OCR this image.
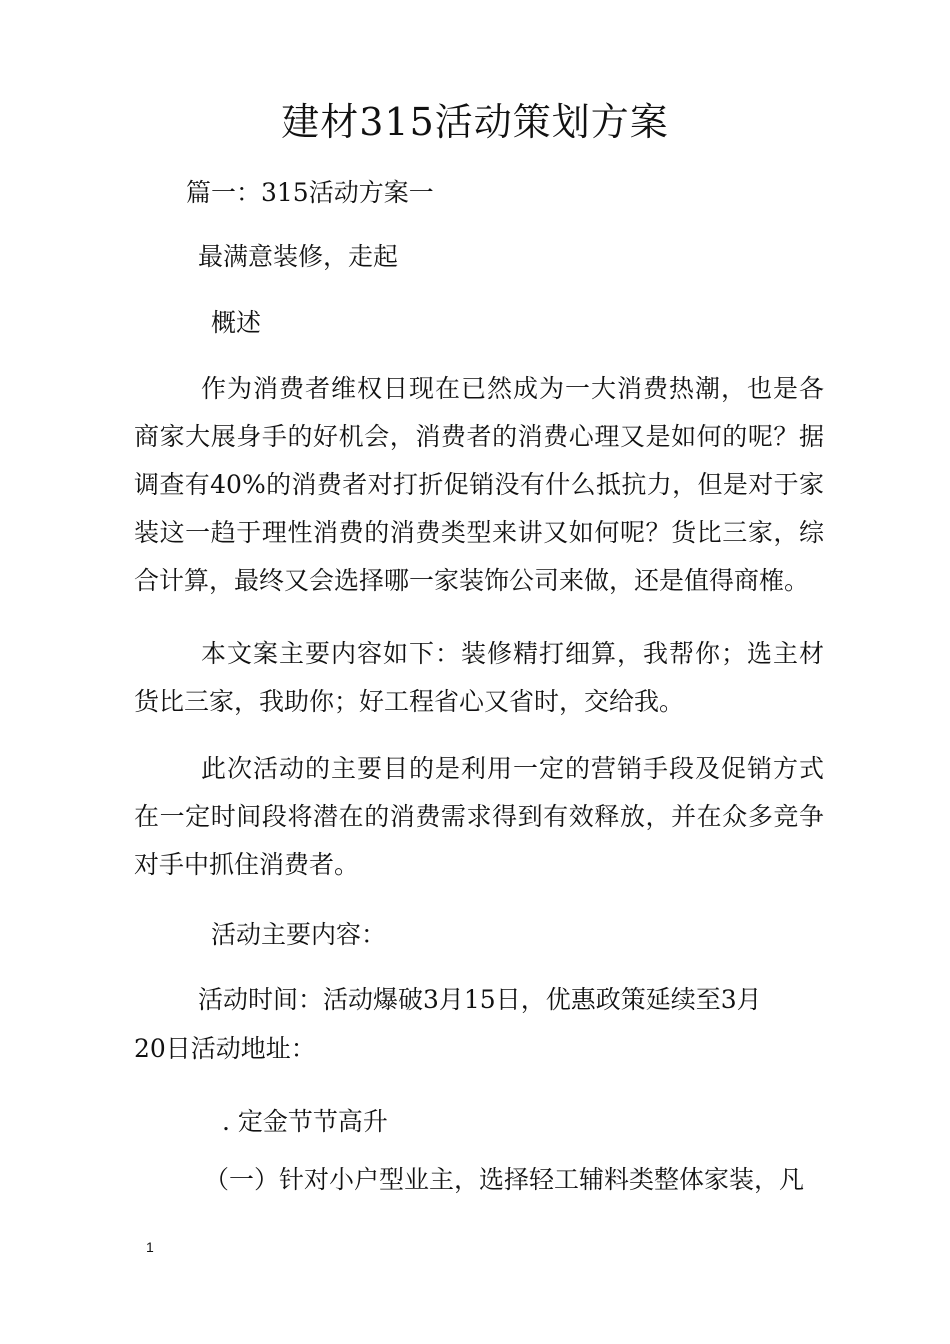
建材315活动策划方案
篇一：315活动方案一
最满意装修，走起
概述
作为消费者维权日现在已然成为一大消费热潮，也是各商家大展身手的好机会，消费者的消费心理又是如何的呢？据调查有40%的消费者对打折促销没有什么抵抗力，但是对于家装这一趋于理性消费的消费类型来讲又如何呢？货比三家，综合计算，最终又会选择哪一家装饰公司来做，还是值得商榷。
本文案主要内容如下：装修精打细算，我帮你；选主材货比三家，我助你；好工程省心又省时，交给我。
此次活动的主要目的是利用一定的营销手段及促销方式在一定时间段将潜在的消费需求得到有效释放，并在众多竞争对手中抓住消费者。
活动主要内容：
活动时间：活动爆破3月15日，优惠政策延续至3月
20日活动地址：
. 定金节节高升
（一）针对小户型业主，选择轻工辅料类整体家装，凡
1
